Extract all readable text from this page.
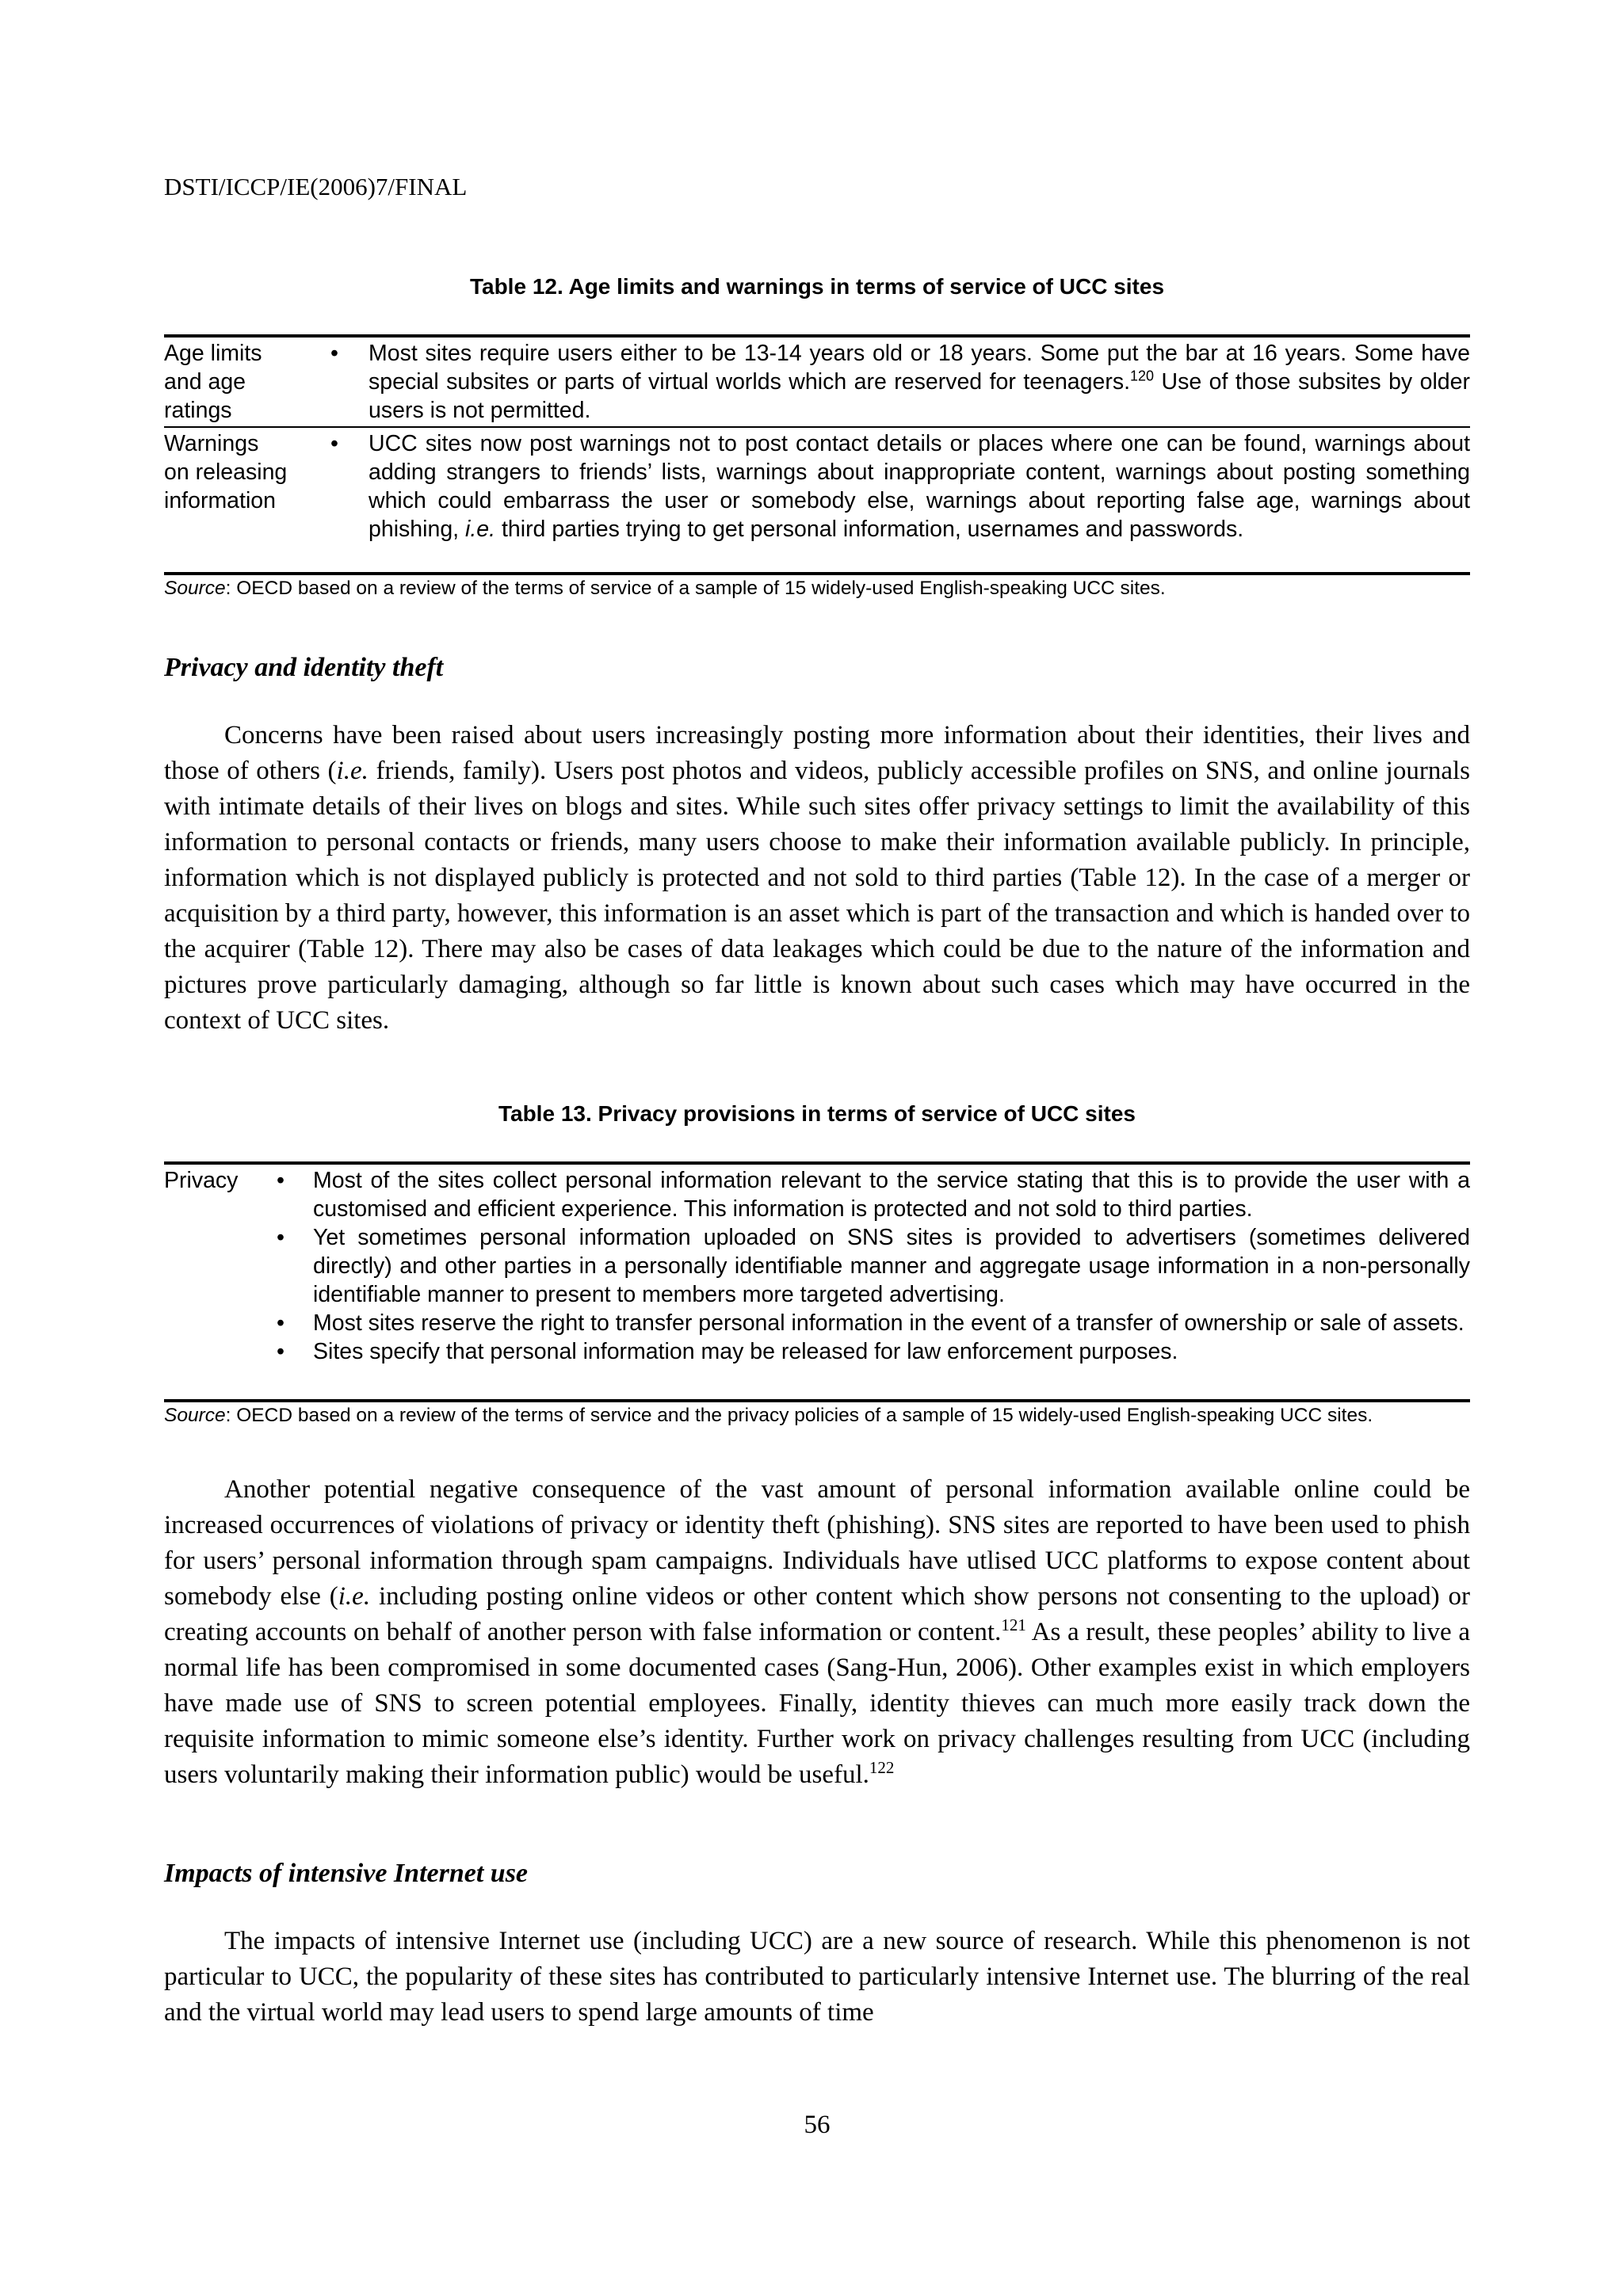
DSTI/ICCP/IE(2006)7/FINAL
Table 12. Age limits and warnings in terms of service of UCC sites
Age limits
and age
ratings
• Most sites require users either to be 13-14 years old or 18 years. Some put the bar at 16 years. Some have special subsites or parts of virtual worlds which are reserved for teenagers.$^{120}$ Use of those subsites by older users is not permitted.
Warnings
on releasing
information
• UCC sites now post warnings not to post contact details or places where one can be found, warnings about adding strangers to friends’ lists, warnings about inappropriate content, warnings about posting something which could embarrass the user or somebody else, warnings about reporting false age, warnings about phishing, i.e. third parties trying to get personal information, usernames and passwords.
Source: OECD based on a review of the terms of service of a sample of 15 widely-used English-speaking UCC sites.
Privacy and identity theft

Concerns have been raised about users increasingly posting more information about their identities, their lives and those of others (i.e. friends, family). Users post photos and videos, publicly accessible profiles on SNS, and online journals with intimate details of their lives on blogs and sites. While such sites offer privacy settings to limit the availability of this information to personal contacts or friends, many users choose to make their information available publicly. In principle, information which is not displayed publicly is protected and not sold to third parties (Table 12). In the case of a merger or acquisition by a third party, however, this information is an asset which is part of the transaction and which is handed over to the acquirer (Table 12). There may also be cases of data leakages which could be due to the nature of the information and pictures prove particularly damaging, although so far little is known about such cases which may have occurred in the context of UCC sites.

Table 13. Privacy provisions in terms of service of UCC sites
Privacy
•	Most of the sites collect personal information relevant to the service stating that this is to provide the user with a customised and efficient experience. This information is protected and not sold to third parties.
• Yet sometimes personal information uploaded on SNS sites is provided to advertisers (sometimes delivered directly) and other parties in a personally identifiable manner and aggregate usage information in a non-personally identifiable manner to present to members more targeted advertising.
• Most sites reserve the right to transfer personal information in the event of a transfer of ownership or sale of assets.
• Sites specify that personal information may be released for law enforcement purposes.
Source: OECD based on a review of the terms of service and the privacy policies of a sample of 15 widely-used English-speaking UCC sites.

Another potential negative consequence of the vast amount of personal information available online could be increased occurrences of violations of privacy or identity theft (phishing). SNS sites are reported to have been used to phish for users’ personal information through spam campaigns. Individuals have utlised UCC platforms to expose content about somebody else (i.e. including posting online videos or other content which show persons not consenting to the upload) or creating accounts on behalf of another person with false information or content.$^{121}$ As a result, these peoples’ ability to live a normal life has been compromised in some documented cases (Sang-Hun, 2006). Other examples exist in which employers have made use of SNS to screen potential employees. Finally, identity thieves can much more easily track down the requisite information to mimic someone else’s identity. Further work on privacy challenges resulting from UCC (including users voluntarily making their information public) would be useful.$^{122}$

Impacts of intensive Internet use

The impacts of intensive Internet use (including UCC) are a new source of research. While this phenomenon is not particular to UCC, the popularity of these sites has contributed to particularly intensive Internet use. The blurring of the real and the virtual world may lead users to spend large amounts of time

56
